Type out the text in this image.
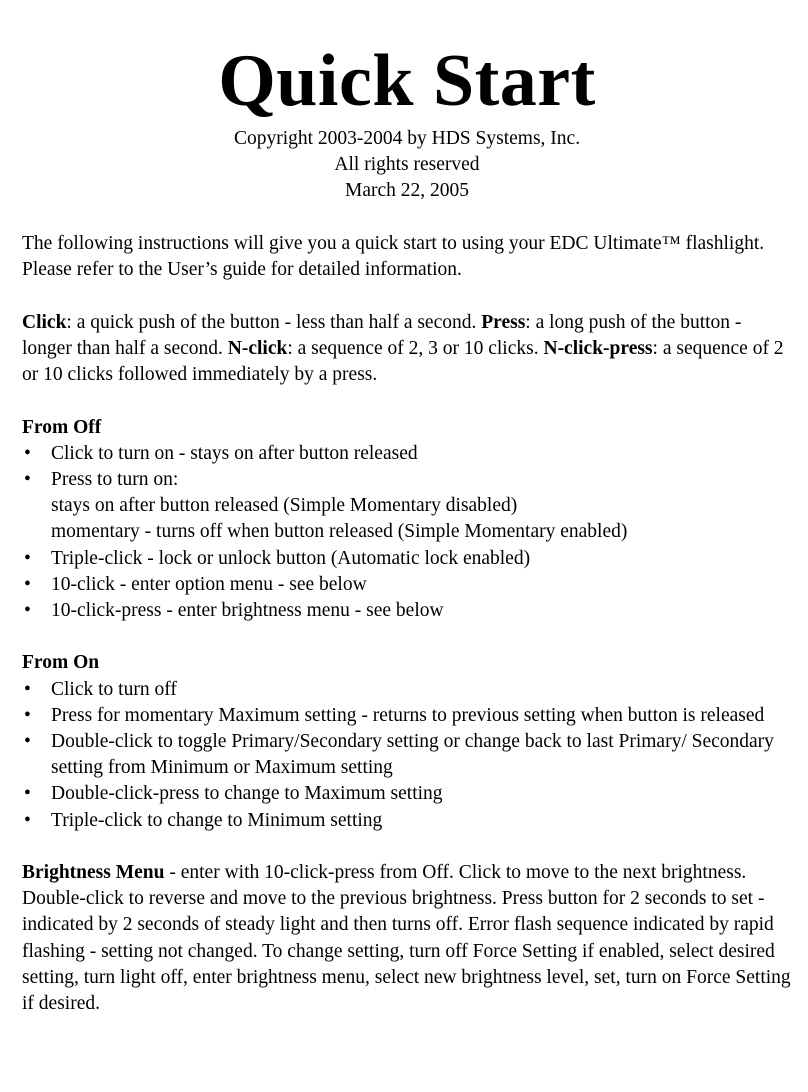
Quick Start
Copyright 2003-2004 by HDS Systems, Inc.
All rights reserved
March 22, 2005

The following instructions will give you a quick start to using your EDC Ultimate™ flashlight. Please refer to the User’s guide for detailed information.

Click: a quick push of the button - less than half a second. Press: a long push of the button - longer than half a second. N-click: a sequence of 2, 3 or 10 clicks. N-click-press: a sequence of 2 or 10 clicks followed immediately by a press.

From Off
• Click to turn on - stays on after button released
• Press to turn on:
stays on after button released (Simple Momentary disabled)
momentary - turns off when button released (Simple Momentary enabled)
• Triple-click - lock or unlock button (Automatic lock enabled)
• 10-click - enter option menu - see below
• 10-click-press - enter brightness menu - see below
From On
• Click to turn off
• Press for momentary Maximum setting - returns to previous setting when button is released
• Double-click to toggle Primary/Secondary setting or change back to last Primary/ Secondary setting from Minimum or Maximum setting
• Double-click-press to change to Maximum setting
• Triple-click to change to Minimum setting

Brightness Menu - enter with 10-click-press from Off. Click to move to the next brightness. Double-click to reverse and move to the previous brightness. Press button for 2 seconds to set - indicated by 2 seconds of steady light and then turns off. Error flash sequence indicated by rapid flashing - setting not changed. To change setting, turn off Force Setting if enabled, select desired setting, turn light off, enter brightness menu, select new brightness level, set, turn on Force Setting if desired.
